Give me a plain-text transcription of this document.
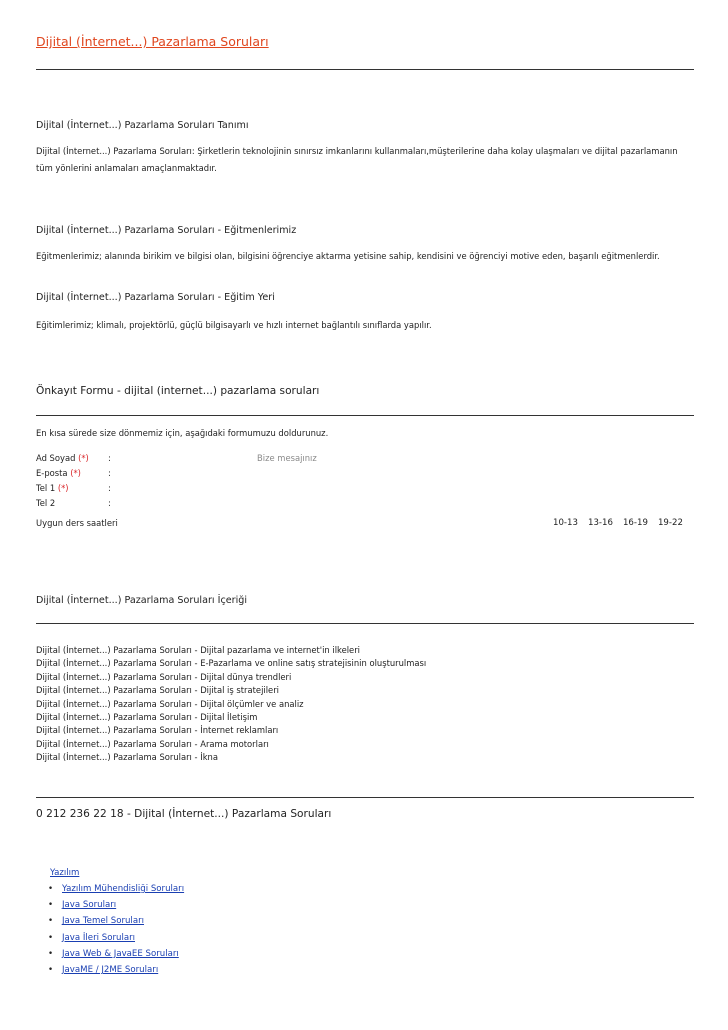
Dijital (İnternet...) Pazarlama Soruları
Dijital (İnternet...) Pazarlama Soruları Tanımı
Dijital (İnternet...) Pazarlama Soruları: Şirketlerin teknolojinin sınırsız imkanlarını kullanmaları,müşterilerine daha kolay ulaşmaları ve dijital pazarlamanın tüm yönlerini anlamaları amaçlanmaktadır.
Dijital (İnternet...) Pazarlama Soruları - Eğitmenlerimiz
Eğitmenlerimiz; alanında birikim ve bilgisi olan, bilgisini öğrenciye aktarma yetisine sahip, kendisini ve öğrenciyi motive eden, başarılı eğitmenlerdir.
Dijital (İnternet...) Pazarlama Soruları - Eğitim Yeri
Eğitimlerimiz; klimalı, projektörlü, güçlü bilgisayarlı ve hızlı internet bağlantılı sınıflarda yapılır.
Önkayıt Formu - dijital (internet...) pazarlama soruları
En kısa sürede size dönmemiz için, aşağıdaki formumuzu doldurunuz.
Ad Soyad (*) :
E-posta (*)	:
Tel 1 (*)	:
Tel 2	:
Bize mesajınız
Uygun ders saatleri	10-13 13-16 16-19 19-22
Dijital (İnternet...) Pazarlama Soruları İçeriği
Dijital (İnternet...) Pazarlama Soruları - Dijital pazarlama ve internet'in ilkeleri
Dijital (İnternet...) Pazarlama Soruları - E-Pazarlama ve online satış stratejisinin oluşturulması
Dijital (İnternet...) Pazarlama Soruları - Dijital dünya trendleri
Dijital (İnternet...) Pazarlama Soruları - Dijital iş stratejileri
Dijital (İnternet...) Pazarlama Soruları - Dijital ölçümler ve analiz
Dijital (İnternet...) Pazarlama Soruları - Dijital İletişim
Dijital (İnternet...) Pazarlama Soruları - İnternet reklamları
Dijital (İnternet...) Pazarlama Soruları - Arama motorları
Dijital (İnternet...) Pazarlama Soruları - İkna
0 212 236 22 18 - Dijital (İnternet...) Pazarlama Soruları
Yazılım
• Yazılım Mühendisliği Soruları
• Java Soruları
• Java Temel Soruları
• Java İleri Soruları
• Java Web & JavaEE Soruları
• JavaME / J2ME Soruları
